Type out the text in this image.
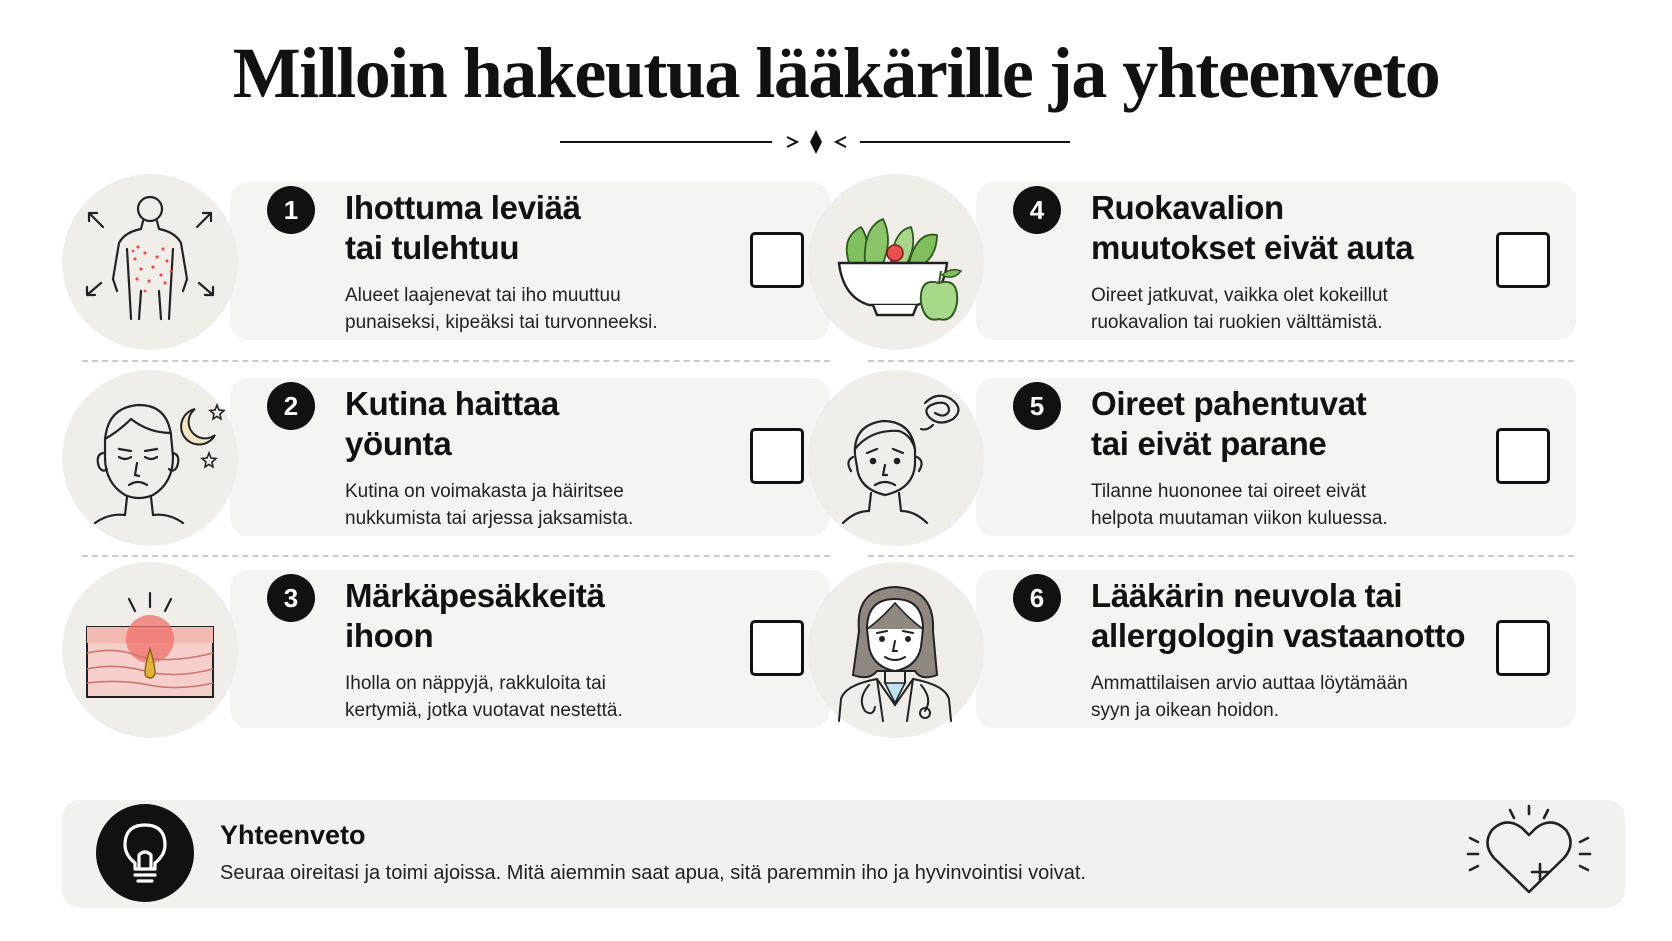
Milloin hakeutua lääkärille ja yhteenveto
1	Ihottuma leviää
tai tulehtuu
Alueet laajenevat tai iho muuttuu
punaiseksi, kipeäksi tai turvonneeksi.
2	Kutina haittaa
yöunta
Kutina on voimakasta ja häiritsee
nukkumista tai arjessa jaksamista.
3	Märkäpesäkkeitä
ihoon
Iholla on näppyjä, rakkuloita tai
kertymiä, jotka vuotavat nestettä.
4	Ruokavalion
muutokset eivät auta
Oireet jatkuvat, vaikka olet kokeillut
ruokavalion tai ruokien välttämistä.
5	Oireet pahentuvat
tai eivät parane
Tilanne huononee tai oireet eivät
helpota muutaman viikon kuluessa.
6	Lääkärin neuvola tai
allergologin vastaanotto
Ammattilaisen arvio auttaa löytämään
syyn ja oikean hoidon.
Yhteenveto
Seuraa oireitasi ja toimi ajoissa. Mitä aiemmin saat apua, sitä paremmin iho ja hyvinvointisi voivat.
